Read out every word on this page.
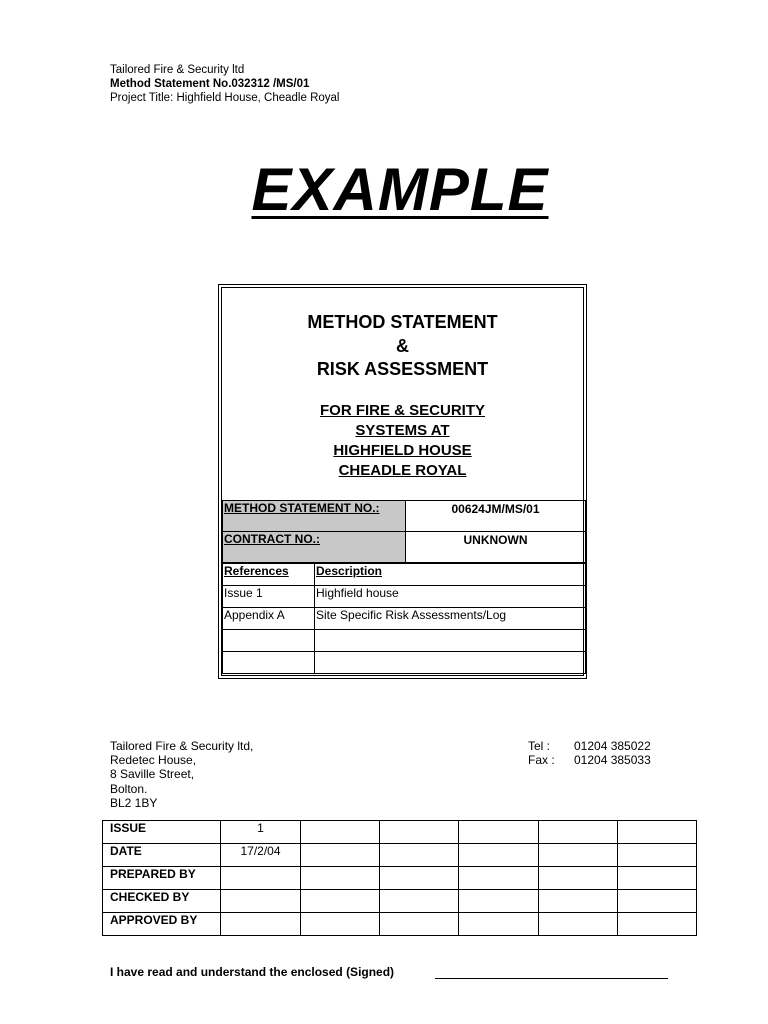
Tailored Fire & Security ltd
Method Statement No.032312 /MS/01
Project Title: Highfield House, Cheadle Royal
EXAMPLE
METHOD STATEMENT
&
RISK ASSESSMENT
FOR FIRE & SECURITY
SYSTEMS AT
HIGHFIELD HOUSE
CHEADLE ROYAL
METHOD STATEMENT NO.:	00624JM/MS/01
CONTRACT NO.:	UNKNOWN
References	Description
Issue 1	Highfield house
Appendix A	Site Specific Risk Assessments/Log

Tailored Fire & Security ltd,
Redetec House,
8 Saville Street,
Bolton.
BL2 1BY
Tel : 01204 385022
Fax : 01204 385033
ISSUE	1					
DATE	17/2/04					
PREPARED BY						
CHECKED BY						
APPROVED BY						
I have read and understand the enclosed (Signed)
